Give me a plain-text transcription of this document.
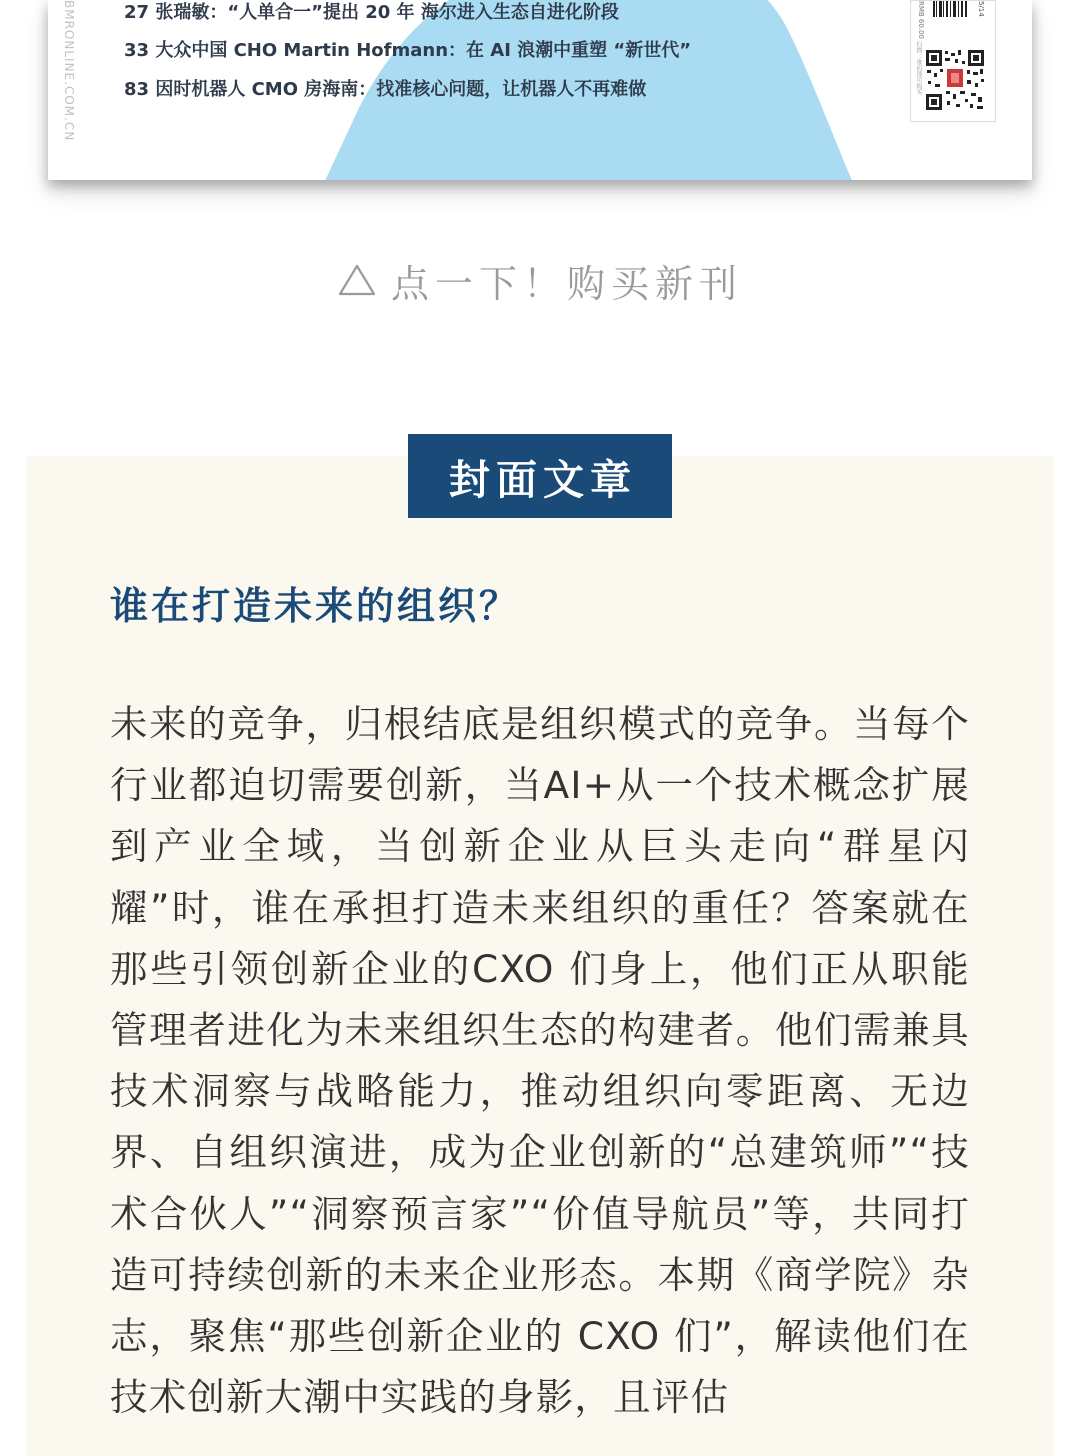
BMRONLINE.COM.CN	27 张瑞敏：“人单合一”提出 20 年 海尔进入生态自进化阶段
33 大众中国 CHO Martin Hofmann：在 AI 浪潮中重塑 “新世代”
83 因时机器人 CMO 房海南：找准核心问题，让机器人不再难做
RMB 60.00	5/14
扫描二维码即可购买
点一下！购买新刊
封面文章
谁在打造未来的组织？

未来的竞争，归根结底是组织模式的竞争。当每个行业都迫切需要创新，当AI+从一个技术概念扩展到产业全域，当创新企业从巨头走向“群星闪耀”时，谁在承担打造未来组织的重任？答案就在那些引领创新企业的CXO 们身上，他们正从职能管理者进化为未来组织生态的构建者。他们需兼具技术洞察与战略能力，推动组织向零距离、无边界、自组织演进，成为企业创新的“总建筑师”“技术合伙人”“洞察预言家”“价值导航员”等，共同打造可持续创新的未来企业形态。本期《商学院》杂志，聚焦“那些创新企业的 CXO 们”，解读他们在技术创新大潮中实践的身影，且评估
